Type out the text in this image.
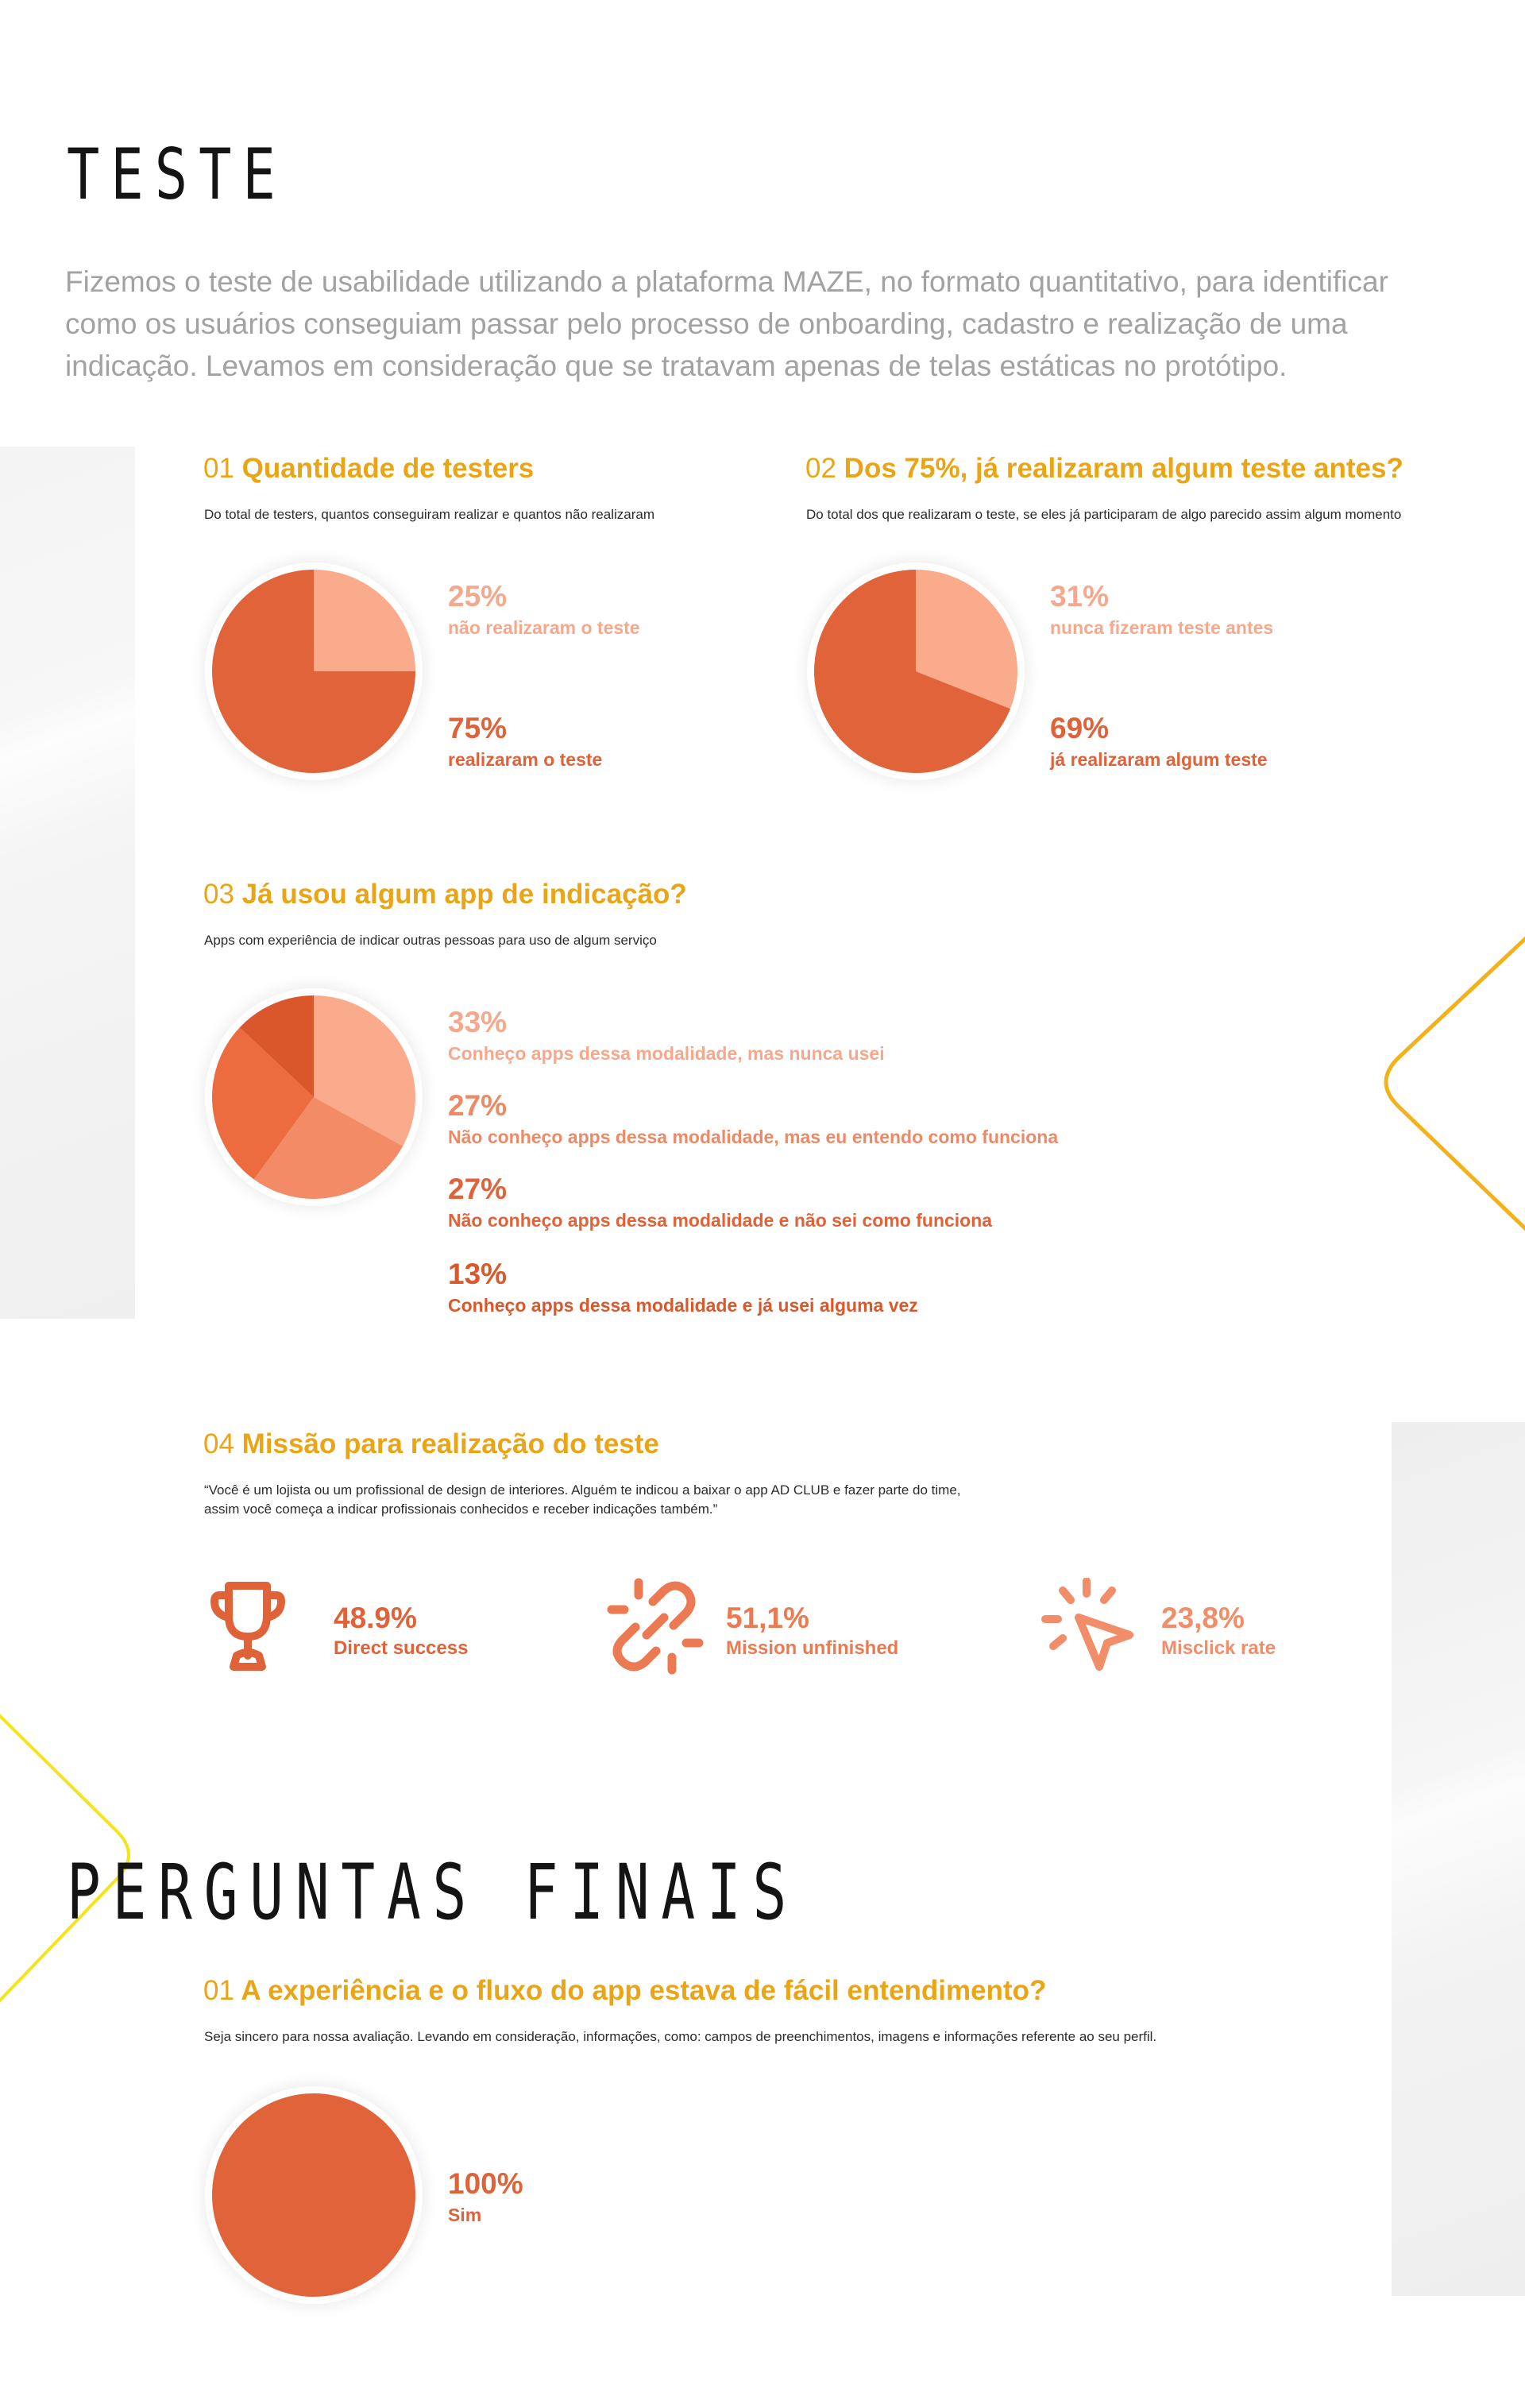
TESTE

Fizemos o teste de usabilidade utilizando a plataforma MAZE, no formato quantitativo, para identificar como os usuários conseguiam passar pelo processo de onboarding, cadastro e realização de uma indicação. Levamos em consideração que se tratavam apenas de telas estáticas no protótipo.

01 Quantidade de testers
Do total de testers, quantos conseguiram realizar e quantos não realizaram
25%
não realizaram o teste
75%
realizaram o teste
02 Dos 75%, já realizaram algum teste antes?
Do total dos que realizaram o teste, se eles já participaram de algo parecido assim algum momento
31%
nunca fizeram teste antes
69%
já realizaram algum teste
03 Já usou algum app de indicação?
Apps com experiência de indicar outras pessoas para uso de algum serviço
33%
Conheço apps dessa modalidade, mas nunca usei
27%
Não conheço apps dessa modalidade, mas eu entendo como funciona
27%
Não conheço apps dessa modalidade e não sei como funciona
13%
Conheço apps dessa modalidade e já usei alguma vez
04 Missão para realização do teste
“Você é um lojista ou um profissional de design de interiores. Alguém te indicou a baixar o app AD CLUB e fazer parte do time,
assim você começa a indicar profissionais conhecidos e receber indicações também.”
48.9%
Direct success
51,1%
Mission unfinished
23,8%
Misclick rate
PERGUNTAS FINAIS
01 A experiência e o fluxo do app estava de fácil entendimento?
Seja sincero para nossa avaliação. Levando em consideração, informações, como: campos de preenchimentos, imagens e informações referente ao seu perfil.
100%
Sim
